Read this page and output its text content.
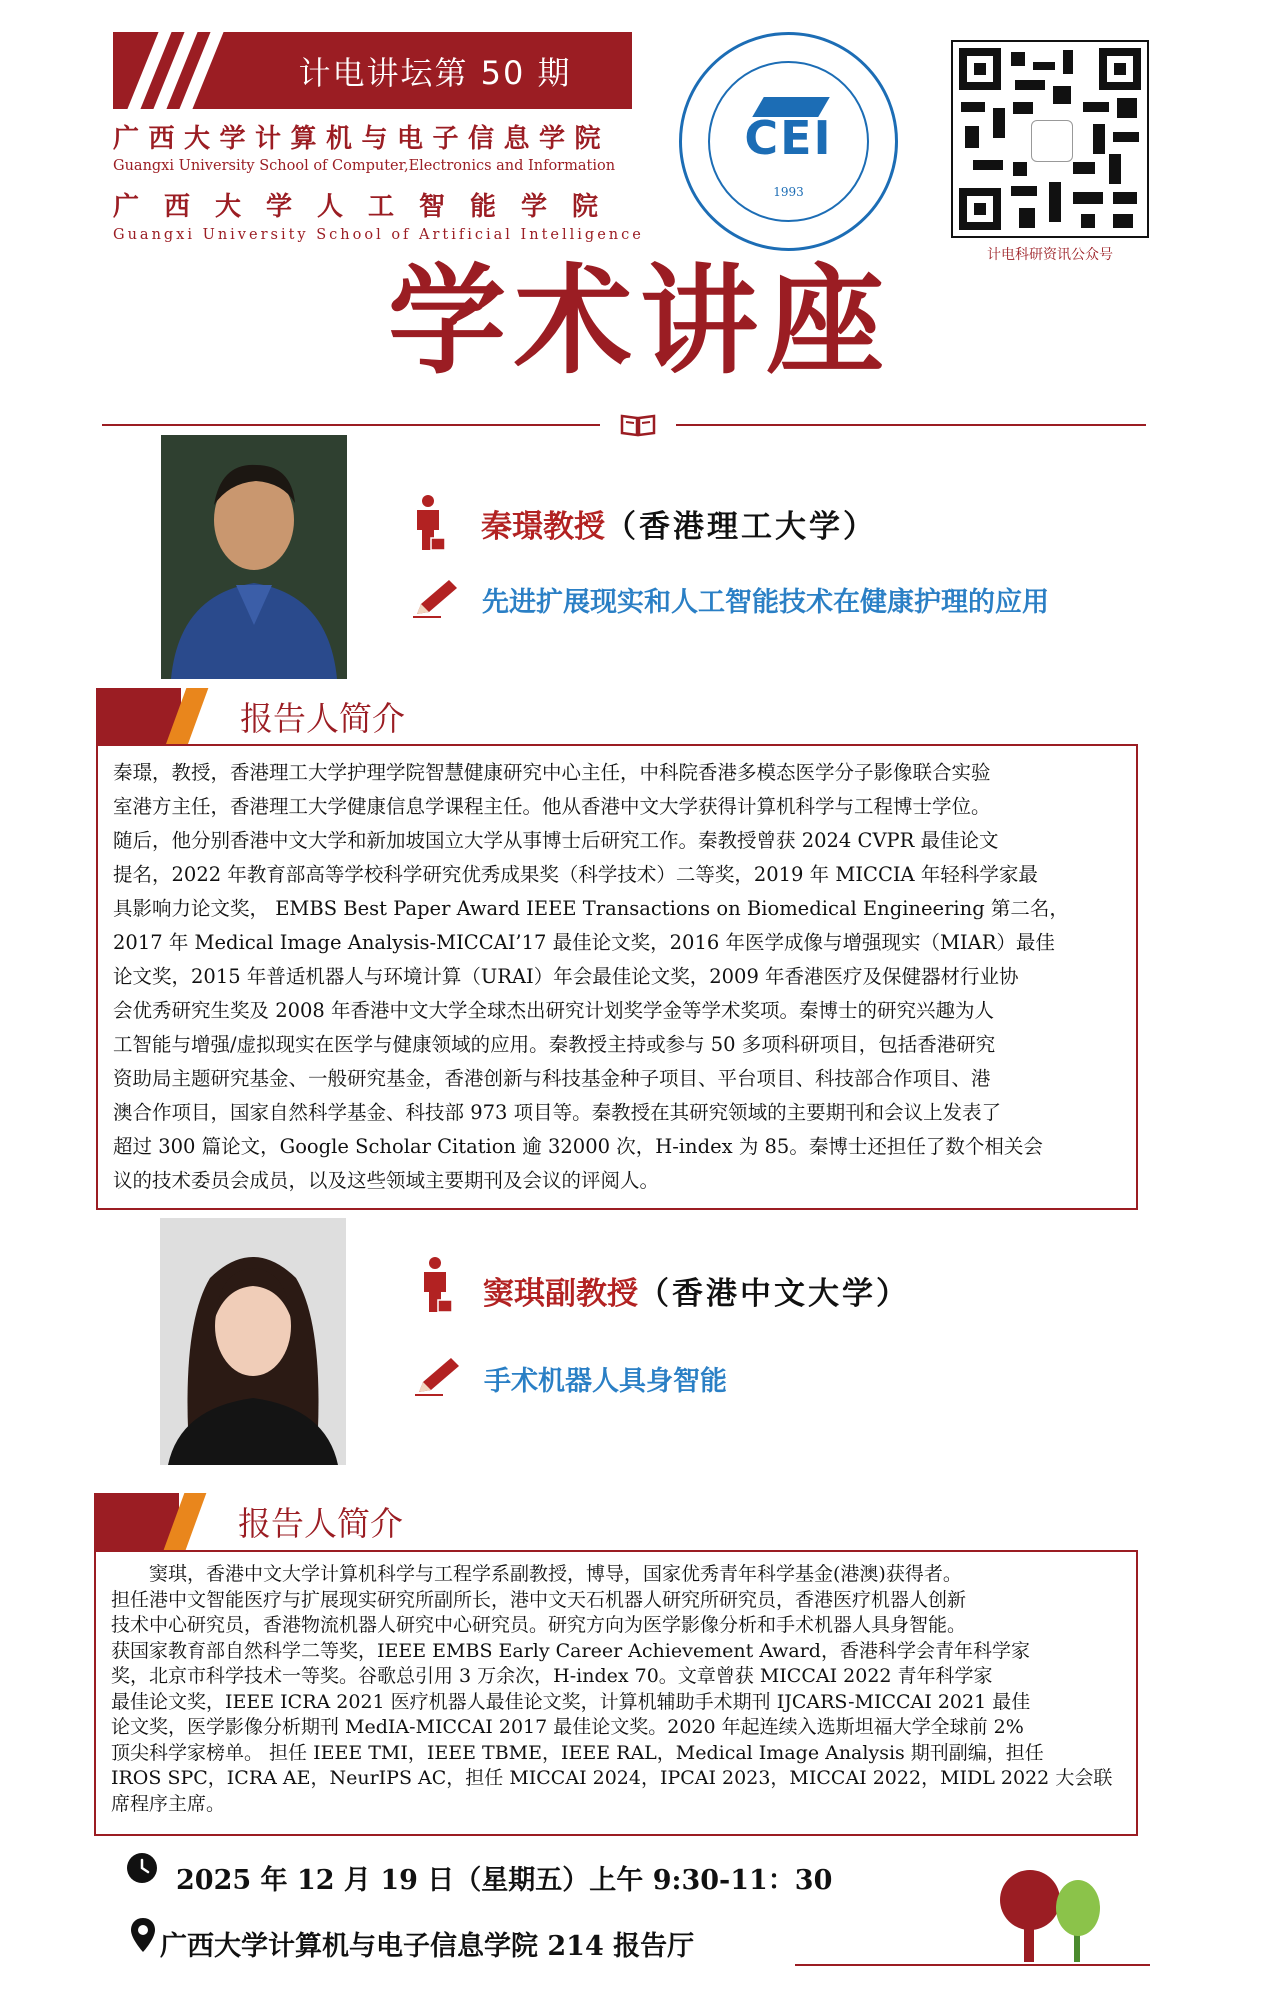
计电讲坛第 50 期
广西大学计算机与电子信息学院
Guangxi University School of Computer,Electronics and Information
广西大学人工智能学院
Guangxi University School of Artificial Intelligence
CEI
1993
计电科研资讯公众号
学术讲座
秦璟教授（香港理工大学）
先进扩展现实和人工智能技术在健康护理的应用
报告人简介
秦璟，教授，香港理工大学护理学院智慧健康研究中心主任，中科院香港多模态医学分子影像联合实验
室港方主任，香港理工大学健康信息学课程主任。他从香港中文大学获得计算机科学与工程博士学位。
随后，他分别香港中文大学和新加坡国立大学从事博士后研究工作。秦教授曾获 2024 CVPR 最佳论文
提名，2022 年教育部高等学校科学研究优秀成果奖（科学技术）二等奖，2019 年 MICCIA 年轻科学家最
具影响力论文奖， EMBS Best Paper Award IEEE Transactions on Biomedical Engineering 第二名，
2017 年 Medical Image Analysis-MICCAI’17 最佳论文奖，2016 年医学成像与增强现实（MIAR）最佳
论文奖，2015 年普适机器人与环境计算（URAI）年会最佳论文奖，2009 年香港医疗及保健器材行业协
会优秀研究生奖及 2008 年香港中文大学全球杰出研究计划奖学金等学术奖项。秦博士的研究兴趣为人
工智能与增强/虚拟现实在医学与健康领域的应用。秦教授主持或参与 50 多项科研项目，包括香港研究
资助局主题研究基金、一般研究基金，香港创新与科技基金种子项目、平台项目、科技部合作项目、港
澳合作项目，国家自然科学基金、科技部 973 项目等。秦教授在其研究领域的主要期刊和会议上发表了
超过 300 篇论文，Google Scholar Citation 逾 32000 次，H-index 为 85。秦博士还担任了数个相关会
议的技术委员会成员，以及这些领域主要期刊及会议的评阅人。
窦琪副教授（香港中文大学）
手术机器人具身智能
报告人简介
　　窦琪，香港中文大学计算机科学与工程学系副教授，博导，国家优秀青年科学基金(港澳)获得者。
担任港中文智能医疗与扩展现实研究所副所长，港中文天石机器人研究所研究员，香港医疗机器人创新
技术中心研究员，香港物流机器人研究中心研究员。研究方向为医学影像分析和手术机器人具身智能。
获国家教育部自然科学二等奖，IEEE EMBS Early Career Achievement Award，香港科学会青年科学家
奖，北京市科学技术一等奖。谷歌总引用 3 万余次，H-index 70。文章曾获 MICCAI 2022 青年科学家
最佳论文奖，IEEE ICRA 2021 医疗机器人最佳论文奖，计算机辅助手术期刊 IJCARS-MICCAI 2021 最佳
论文奖，医学影像分析期刊 MedIA-MICCAI 2017 最佳论文奖。2020 年起连续入选斯坦福大学全球前 2%
顶尖科学家榜单。 担任 IEEE TMI，IEEE TBME，IEEE RAL，Medical Image Analysis 期刊副编，担任
IROS SPC，ICRA AE，NeurIPS AC，担任 MICCAI 2024，IPCAI 2023，MICCAI 2022，MIDL 2022 大会联
席程序主席。
2025 年 12 月 19 日（星期五）上午 9:30-11：30
广西大学计算机与电子信息学院 214 报告厅
